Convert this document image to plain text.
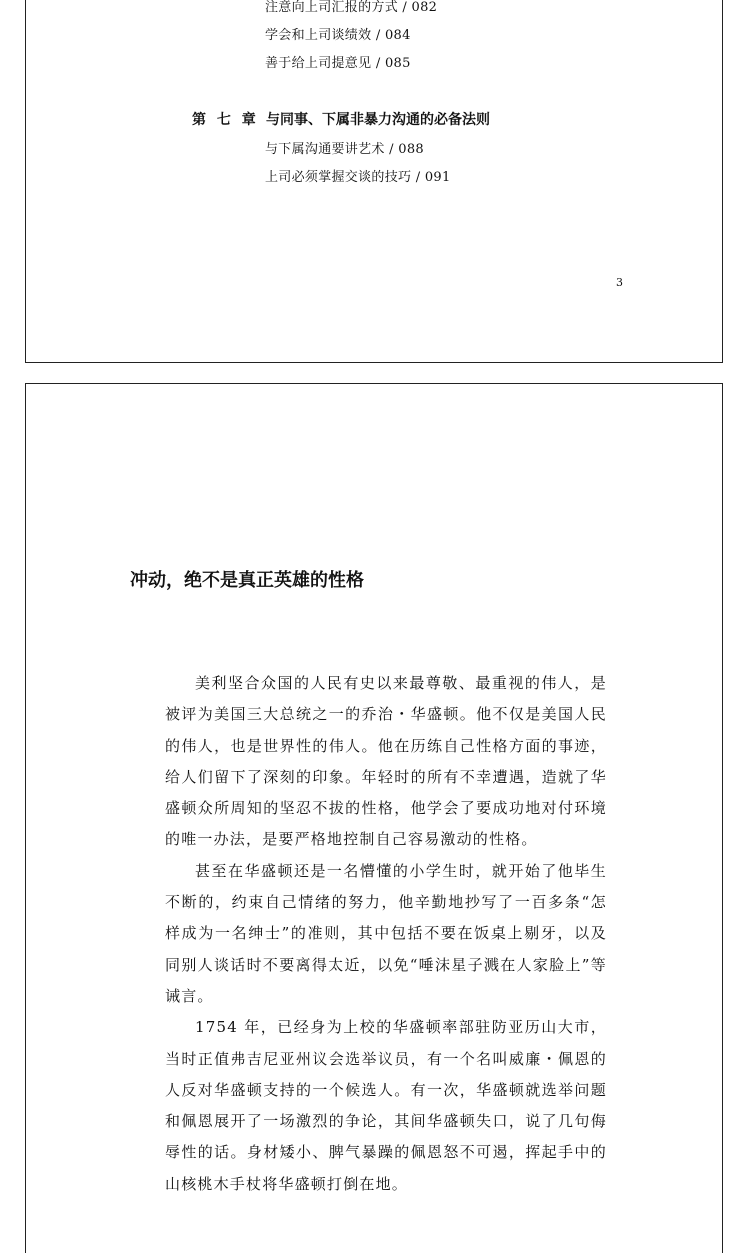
注意向上司汇报的方式 ∕ 082
学会和上司谈绩效 ∕ 084
善于给上司提意见 ∕ 085
第 七 章 与同事、下属非暴力沟通的必备法则
与下属沟通要讲艺术 ∕ 088
上司必须掌握交谈的技巧 ∕ 091
3
冲动，绝不是真正英雄的性格

美利坚合众国的人民有史以来最尊敬、最重视的伟人，是被评为美国三大总统之一的乔治・华盛顿。他不仅是美国人民的伟人，也是世界性的伟人。他在历练自己性格方面的事迹，给人们留下了深刻的印象。年轻时的所有不幸遭遇，造就了华盛顿众所周知的坚忍不拔的性格，他学会了要成功地对付环境的唯一办法，是要严格地控制自己容易激动的性格。

甚至在华盛顿还是一名懵懂的小学生时，就开始了他毕生不断的，约束自己情绪的努力，他辛勤地抄写了一百多条“怎样成为一名绅士”的准则，其中包括不要在饭桌上剔牙，以及同别人谈话时不要离得太近，以免“唾沫星子溅在人家脸上”等诫言。

1754 年，已经身为上校的华盛顿率部驻防亚历山大市，当时正值弗吉尼亚州议会选举议员，有一个名叫威廉・佩恩的人反对华盛顿支持的一个候选人。有一次，华盛顿就选举问题和佩恩展开了一场激烈的争论，其间华盛顿失口，说了几句侮辱性的话。身材矮小、脾气暴躁的佩恩怒不可遏，挥起手中的山核桃木手杖将华盛顿打倒在地。
